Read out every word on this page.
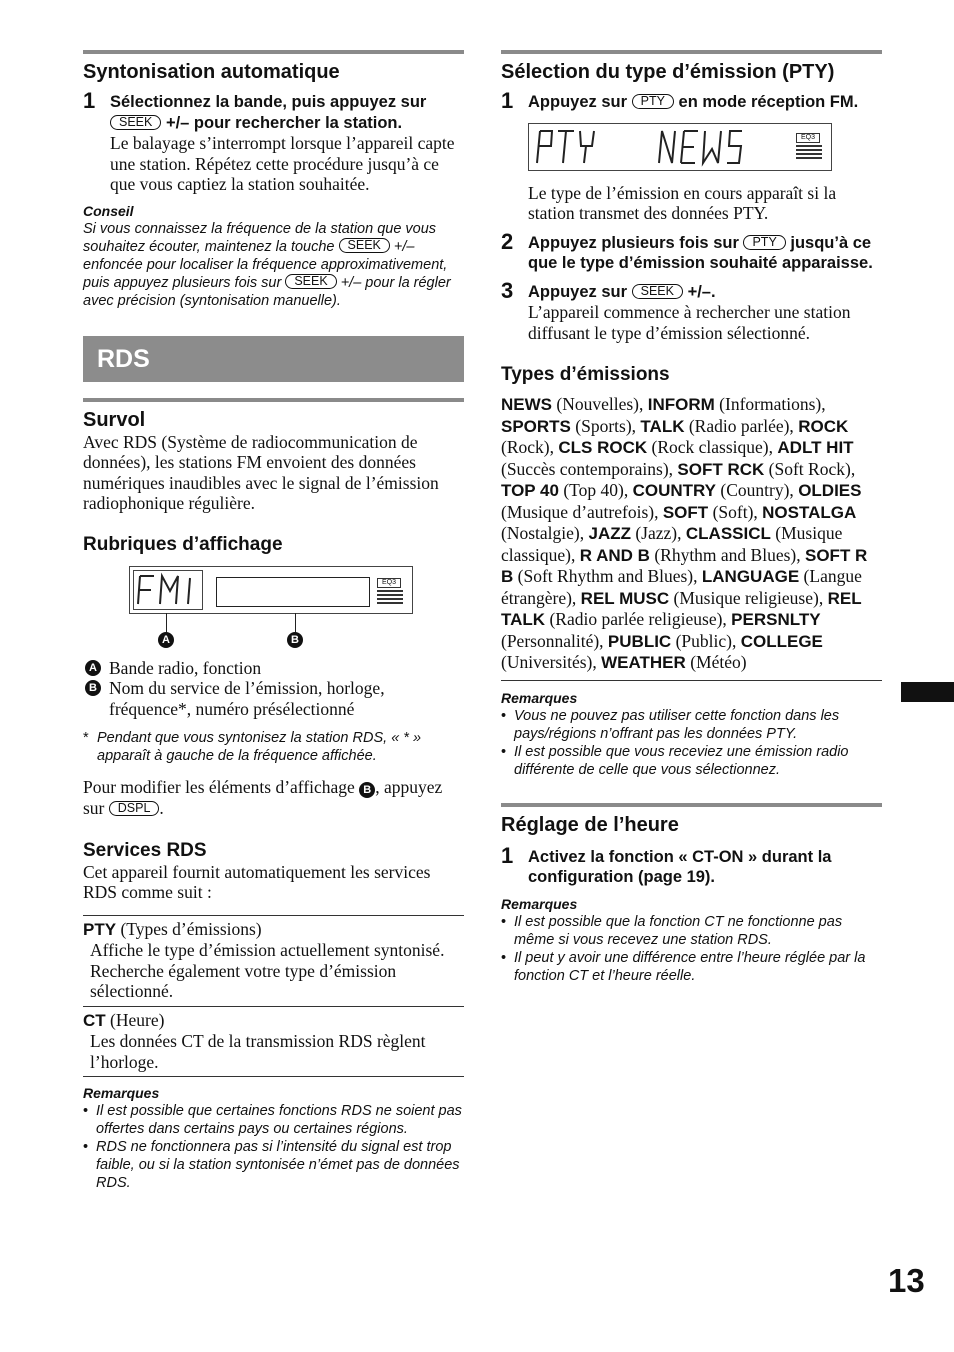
Syntonisation automatique
1 Sélectionnez la bande, puis appuyez sur SEEK +/– pour rechercher la station.
Le balayage s’interrompt lorsque l’appareil capte une station. Répétez cette procédure jusqu’à ce que vous captiez la station souhaitée.
Conseil
Si vous connaissez la fréquence de la station que vous souhaitez écouter, maintenez la touche SEEK +/– enfoncée pour localiser la fréquence approximativement, puis appuyez plusieurs fois sur SEEK +/– pour la régler avec précision (syntonisation manuelle).
RDS
Survol
Avec RDS (Système de radiocommunication de données), les stations FM envoient des données numériques inaudibles avec le signal de l’émission radiophonique régulière.
Rubriques d’affichage
FM1
EQ3
A	B
A Bande radio, fonction
B Nom du service de l’émission, horloge, fréquence*, numéro présélectionné
* Pendant que vous syntonisez la station RDS, « * » apparaît à gauche de la fréquence affichée.
Pour modifier les éléments d’affichage B , appuyez sur DSPL .
Services RDS
Cet appareil fournit automatiquement les services RDS comme suit :
PTY (Types d’émissions)
Affiche le type d’émission actuellement syntonisé. Recherche également votre type d’émission sélectionné.
CT (Heure)
Les données CT de la transmission RDS règlent l’horloge.
Remarques
• Il est possible que certaines fonctions RDS ne soient pas offertes dans certains pays ou certaines régions.
• RDS ne fonctionnera pas si l’intensité du signal est trop faible, ou si la station syntonisée n’émet pas de données RDS.
Sélection du type d’émission (PTY)
1 Appuyez sur PTY en mode réception FM.
PTY NEWS
EQ3
Le type de l’émission en cours apparaît si la station transmet des données PTY.
2 Appuyez plusieurs fois sur PTY jusqu’à ce que le type d’émission souhaité apparaisse.
3 Appuyez sur SEEK +/–.
L’appareil commence à rechercher une station diffusant le type d’émission sélectionné.
Types d’émissions
NEWS (Nouvelles), INFORM (Informations), SPORTS (Sports), TALK (Radio parlée), ROCK (Rock), CLS ROCK (Rock classique), ADLT HIT (Succès contemporains), SOFT RCK (Soft Rock), TOP 40 (Top 40), COUNTRY (Country), OLDIES (Musique d’autrefois), SOFT (Soft), NOSTALGA (Nostalgie), JAZZ (Jazz), CLASSICL (Musique classique), R AND B (Rhythm and Blues), SOFT R B (Soft Rhythm and Blues), LANGUAGE (Langue étrangère), REL MUSC (Musique religieuse), REL TALK (Radio parlée religieuse), PERSNLTY (Personnalité), PUBLIC (Public), COLLEGE (Universités), WEATHER (Météo)
Remarques
• Vous ne pouvez pas utiliser cette fonction dans les pays/régions n’offrant pas les données PTY.
• Il est possible que vous receviez une émission radio différente de celle que vous sélectionnez.
Réglage de l’heure
1 Activez la fonction « CT-ON » durant la configuration (page 19).
Remarques
• Il est possible que la fonction CT ne fonctionne pas même si vous recevez une station RDS.
• Il peut y avoir une différence entre l’heure réglée par la fonction CT et l’heure réelle.
13
